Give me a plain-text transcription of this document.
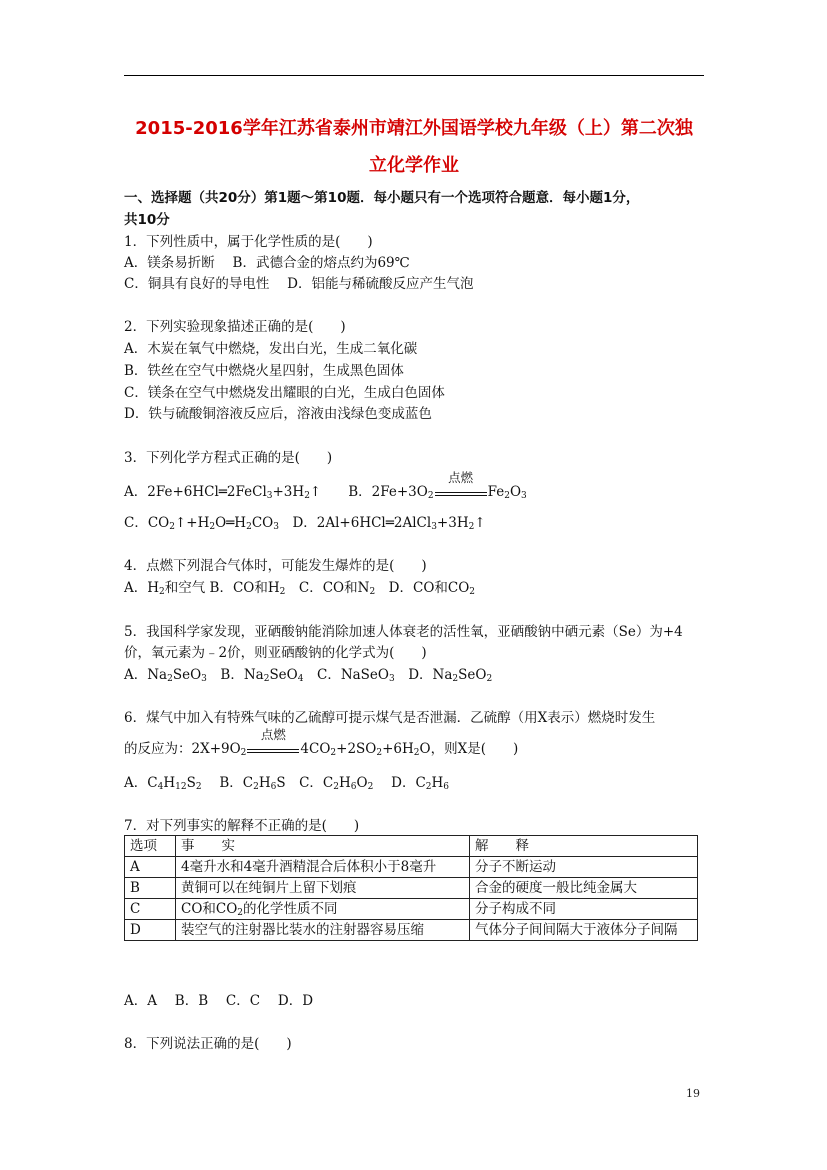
2015-2016学年江苏省泰州市靖江外国语学校九年级（上）第二次独
立化学作业
一、选择题（共20分）第1题～第10题．每小题只有一个选项符合题意．每小题1分，
共10分
1．下列性质中，属于化学性质的是(　　)
A．镁条易折断　 B．武德合金的熔点约为69℃
C．铜具有良好的导电性　 D．铝能与稀硫酸反应产生气泡
2．下列实验现象描述正确的是(　　)
A．木炭在氧气中燃烧，发出白光，生成二氧化碳
B．铁丝在空气中燃烧火星四射，生成黑色固体
C．镁条在空气中燃烧发出耀眼的白光，生成白色固体
D．铁与硫酸铜溶液反应后，溶液由浅绿色变成蓝色
3．下列化学方程式正确的是(　　)
A．$2Fe+6HCl═2FeCl_3+3H_2↑$　　B．$2Fe+3O_2$
点燃
$Fe_2O_3$
C．$CO_2↑+H_2O═H_2CO_3$　D．$2Al+6HCl═2AlCl_3+3H_2↑$
4．点燃下列混合气体时，可能发生爆炸的是(　　)
A．$H_2$和空气 B．CO和$H_2$　C．CO和$N_2$　D．CO和$CO_2$
5．我国科学家发现，亚硒酸钠能消除加速人体衰老的活性氧，亚硒酸钠中硒元素（Se）为+4
价，氧元素为﹣2价，则亚硒酸钠的化学式为(　　)
A．$Na_2SeO_3$　B．$Na_2SeO_4$　C．NaSeO$_3$　D．$Na_2SeO_2$
6．煤气中加入有特殊气味的乙硫醇可提示煤气是否泄漏．乙硫醇（用X表示）燃烧时发生
的反应为：$2X+9O_2$
点燃
$4CO_2+2SO_2+6H_2O$，则X是(　　)
A．$C_4H_{12}S_2$　 B．$C_2H_6S$　C．$C_2H_6O_2$　 D．$C_2H_6$
7．对下列事实的解释不正确的是(　　)
选项	事　　实	解　　释
A	4毫升水和4毫升酒精混合后体积小于8毫升	分子不断运动
B	黄铜可以在纯铜片上留下划痕	合金的硬度一般比纯金属大
C	CO和$CO_2$的化学性质不同	分子构成不同
D	装空气的注射器比装水的注射器容易压缩	气体分子间间隔大于液体分子间隔
A．A　 B．B　 C．C　 D．D
8．下列说法正确的是(　　)
19
